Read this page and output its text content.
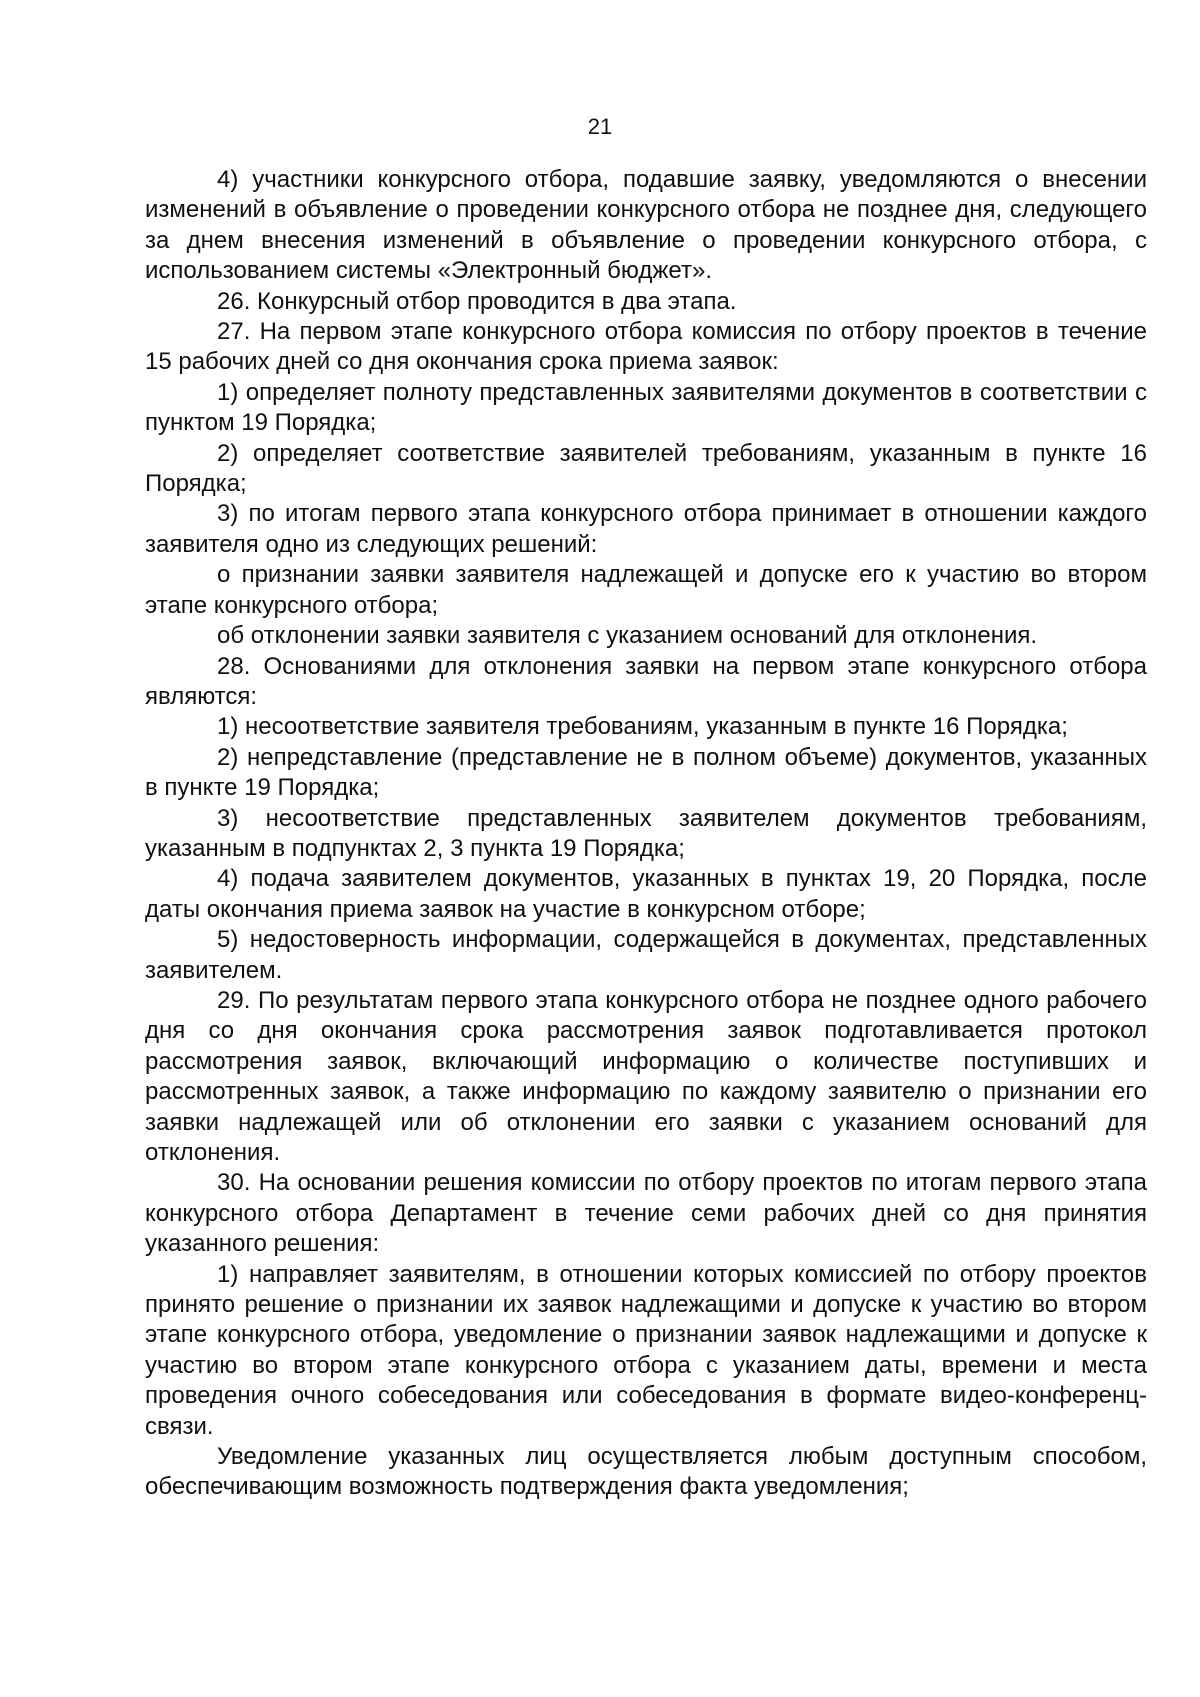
21

4) участники конкурсного отбора, подавшие заявку, уведомляются о внесении изменений в объявление о проведении конкурсного отбора не позднее дня, следующего за днем внесения изменений в объявление о проведении конкурсного отбора, с использованием системы «Электронный бюджет».

26. Конкурсный отбор проводится в два этапа.

27. На первом этапе конкурсного отбора комиссия по отбору проектов в течение 15 рабочих дней со дня окончания срока приема заявок:

1) определяет полноту представленных заявителями документов в соответствии с пунктом 19 Порядка;

2) определяет соответствие заявителей требованиям, указанным в пункте 16 Порядка;

3) по итогам первого этапа конкурсного отбора принимает в отношении каждого заявителя одно из следующих решений:

о признании заявки заявителя надлежащей и допуске его к участию во втором этапе конкурсного отбора;

об отклонении заявки заявителя с указанием оснований для отклонения.

28. Основаниями для отклонения заявки на первом этапе конкурсного отбора являются:

1) несоответствие заявителя требованиям, указанным в пункте 16 Порядка;

2) непредставление (представление не в полном объеме) документов, указанных в пункте 19 Порядка;

3) несоответствие представленных заявителем документов требованиям, указанным в подпунктах 2, 3 пункта 19 Порядка;

4) подача заявителем документов, указанных в пунктах 19, 20 Порядка, после даты окончания приема заявок на участие в конкурсном отборе;

5) недостоверность информации, содержащейся в документах, представленных заявителем.

29. По результатам первого этапа конкурсного отбора не позднее одного рабочего дня со дня окончания срока рассмотрения заявок подготавливается протокол рассмотрения заявок, включающий информацию о количестве поступивших и рассмотренных заявок, а также информацию по каждому заявителю о признании его заявки надлежащей или об отклонении его заявки с указанием оснований для отклонения.

30. На основании решения комиссии по отбору проектов по итогам первого этапа конкурсного отбора Департамент в течение семи рабочих дней со дня принятия указанного решения:

1) направляет заявителям, в отношении которых комиссией по отбору проектов принято решение о признании их заявок надлежащими и допуске к участию во втором этапе конкурсного отбора, уведомление о признании заявок надлежащими и допуске к участию во втором этапе конкурсного отбора с указанием даты, времени и места проведения очного собеседования или собеседования в формате видео-конференц-связи.

Уведомление указанных лиц осуществляется любым доступным способом, обеспечивающим возможность подтверждения факта уведомления;
